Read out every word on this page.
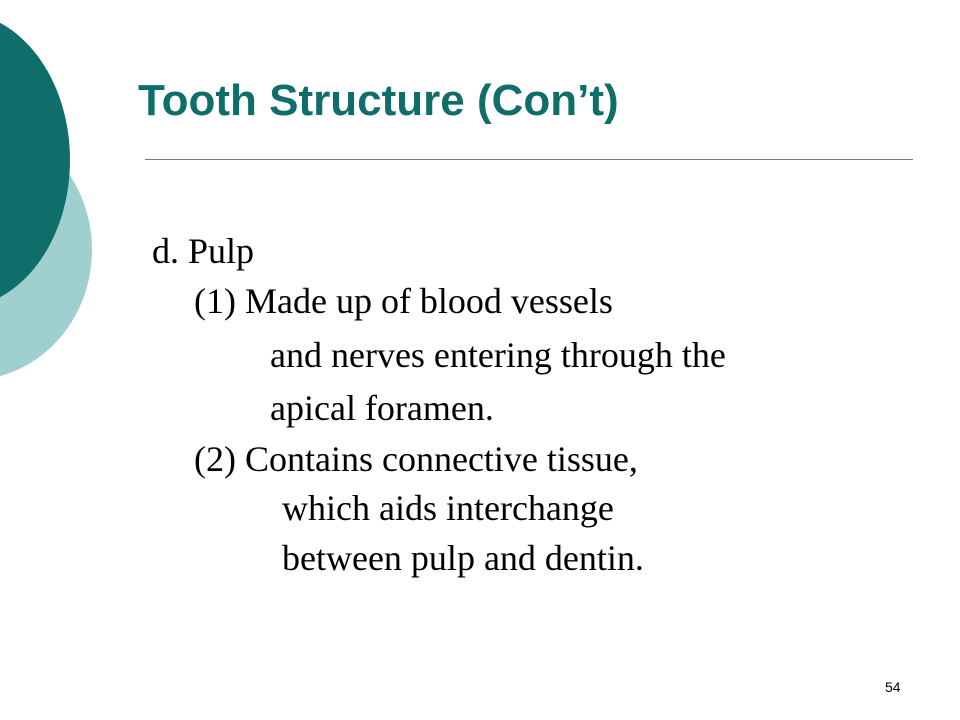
Tooth Structure (Con’t)
d. Pulp
(1) Made up of blood vessels
and nerves entering through the
apical foramen.
(2) Contains connective tissue,
which aids interchange
between pulp and dentin.
54
